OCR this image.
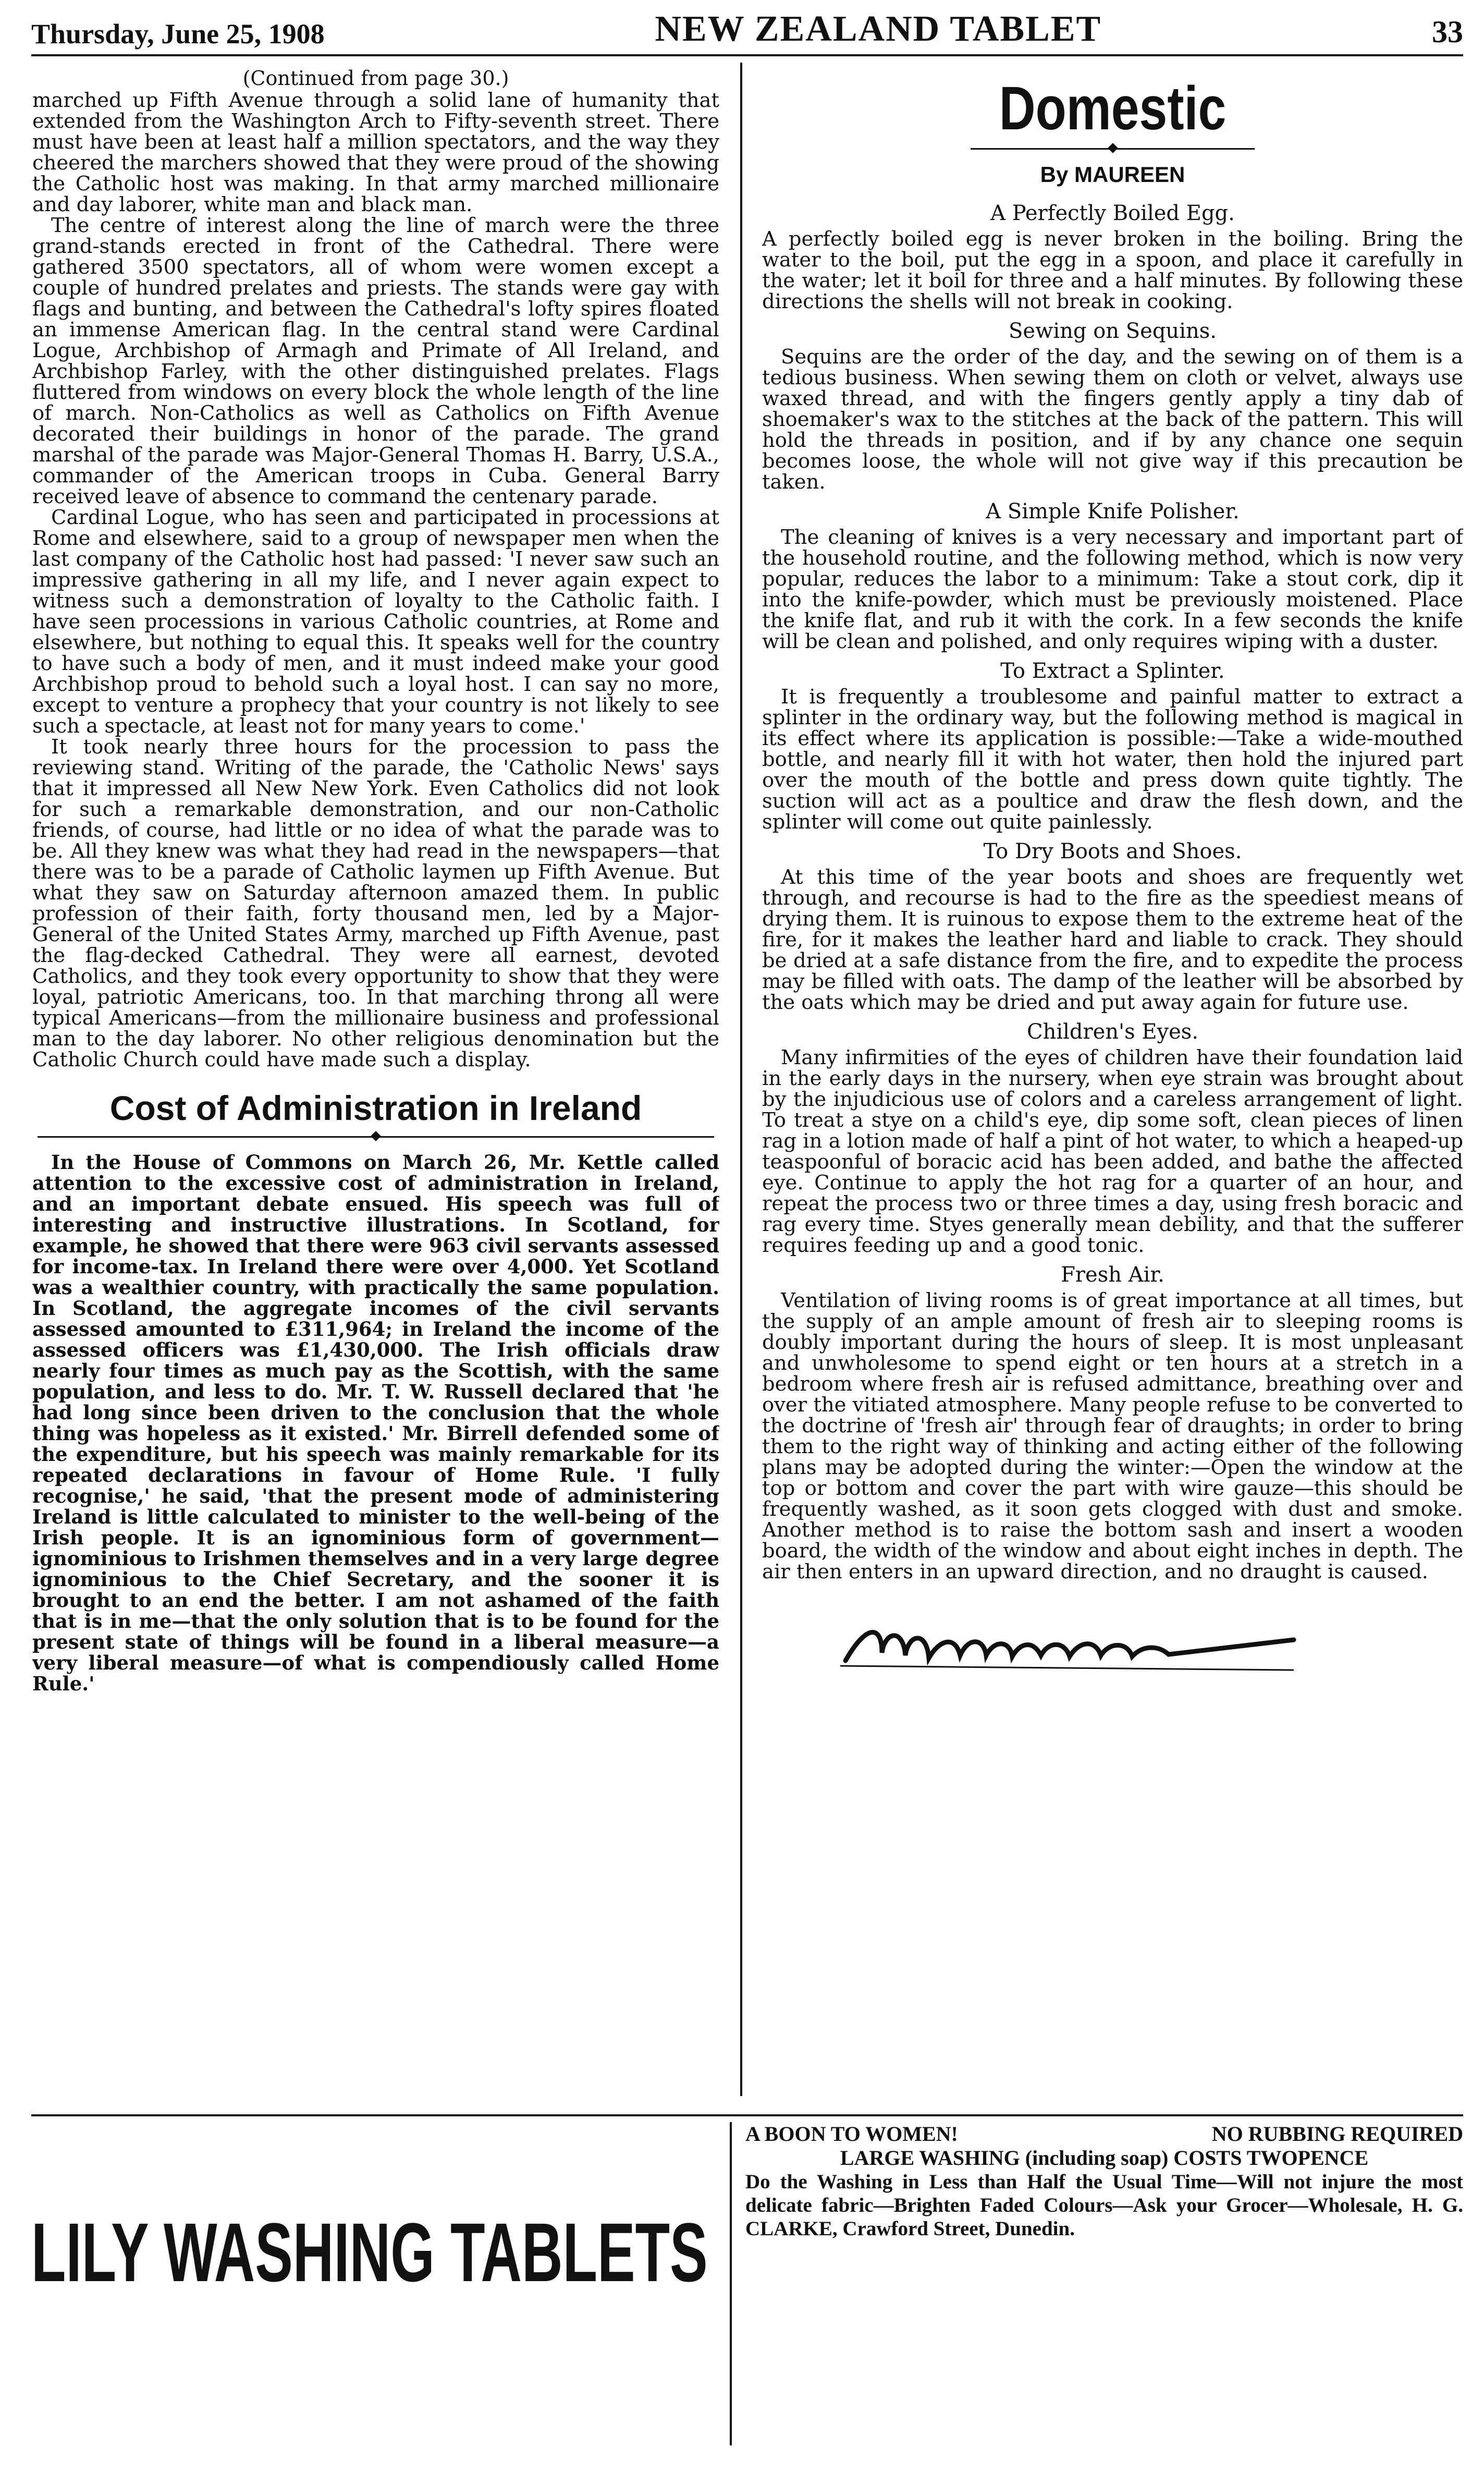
Thursday, June 25, 1908	NEW ZEALAND TABLET	33
(Continued from page 30.)

marched up Fifth Avenue through a solid lane of humanity that extended from the Washington Arch to Fifty-seventh street. There must have been at least half a million spectators, and the way they cheered the marchers showed that they were proud of the showing the Catholic host was making. In that army marched millionaire and day laborer, white man and black man.

The centre of interest along the line of march were the three grand-stands erected in front of the Cathedral. There were gathered 3500 spectators, all of whom were women except a couple of hundred prelates and priests. The stands were gay with flags and bunting, and between the Cathedral's lofty spires floated an immense American flag. In the central stand were Cardinal Logue, Archbishop of Armagh and Primate of All Ireland, and Archbishop Farley, with the other distinguished prelates. Flags fluttered from windows on every block the whole length of the line of march. Non-Catholics as well as Catholics on Fifth Avenue decorated their buildings in honor of the parade. The grand marshal of the parade was Major-General Thomas H. Barry, U.S.A., commander of the American troops in Cuba. General Barry received leave of absence to command the centenary parade.

Cardinal Logue, who has seen and participated in processions at Rome and elsewhere, said to a group of newspaper men when the last company of the Catholic host had passed: 'I never saw such an impressive gathering in all my life, and I never again expect to witness such a demonstration of loyalty to the Catholic faith. I have seen processions in various Catholic countries, at Rome and elsewhere, but nothing to equal this. It speaks well for the country to have such a body of men, and it must indeed make your good Archbishop proud to behold such a loyal host. I can say no more, except to venture a prophecy that your country is not likely to see such a spectacle, at least not for many years to come.'

It took nearly three hours for the procession to pass the reviewing stand. Writing of the parade, the 'Catholic News' says that it impressed all New New York. Even Catholics did not look for such a remarkable demonstration, and our non-Catholic friends, of course, had little or no idea of what the parade was to be. All they knew was what they had read in the newspapers—that there was to be a parade of Catholic laymen up Fifth Avenue. But what they saw on Saturday afternoon amazed them. In public profession of their faith, forty thousand men, led by a Major-General of the United States Army, marched up Fifth Avenue, past the flag-decked Cathedral. They were all earnest, devoted Catholics, and they took every opportunity to show that they were loyal, patriotic Americans, too. In that marching throng all were typical Americans—from the millionaire business and professional man to the day laborer. No other religious denomination but the Catholic Church could have made such a display.

Cost of Administration in Ireland

In the House of Commons on March 26, Mr. Kettle called attention to the excessive cost of administration in Ireland, and an important debate ensued. His speech was full of interesting and instructive illustrations. In Scotland, for example, he showed that there were 963 civil servants assessed for income-tax. In Ireland there were over 4,000. Yet Scotland was a wealthier country, with practically the same population. In Scotland, the aggregate incomes of the civil servants assessed amounted to £311,964; in Ireland the income of the assessed officers was £1,430,000. The Irish officials draw nearly four times as much pay as the Scottish, with the same population, and less to do. Mr. T. W. Russell declared that 'he had long since been driven to the conclusion that the whole thing was hopeless as it existed.' Mr. Birrell defended some of the expenditure, but his speech was mainly remarkable for its repeated declarations in favour of Home Rule. 'I fully recognise,' he said, 'that the present mode of administering Ireland is little calculated to minister to the well-being of the Irish people. It is an ignominious form of government—ignominious to Irishmen themselves and in a very large degree ignominious to the Chief Secretary, and the sooner it is brought to an end the better. I am not ashamed of the faith that is in me—that the only solution that is to be found for the present state of things will be found in a liberal measure—a very liberal measure—of what is compendiously called Home Rule.'

Domestic
By MAUREEN
A Perfectly Boiled Egg.

A perfectly boiled egg is never broken in the boiling. Bring the water to the boil, put the egg in a spoon, and place it carefully in the water; let it boil for three and a half minutes. By following these directions the shells will not break in cooking.

Sewing on Sequins.

Sequins are the order of the day, and the sewing on of them is a tedious business. When sewing them on cloth or velvet, always use waxed thread, and with the fingers gently apply a tiny dab of shoemaker's wax to the stitches at the back of the pattern. This will hold the threads in position, and if by any chance one sequin becomes loose, the whole will not give way if this precaution be taken.

A Simple Knife Polisher.

The cleaning of knives is a very necessary and important part of the household routine, and the following method, which is now very popular, reduces the labor to a minimum: Take a stout cork, dip it into the knife-powder, which must be previously moistened. Place the knife flat, and rub it with the cork. In a few seconds the knife will be clean and polished, and only requires wiping with a duster.

To Extract a Splinter.

It is frequently a troublesome and painful matter to extract a splinter in the ordinary way, but the following method is magical in its effect where its application is possible:—Take a wide-mouthed bottle, and nearly fill it with hot water, then hold the injured part over the mouth of the bottle and press down quite tightly. The suction will act as a poultice and draw the flesh down, and the splinter will come out quite painlessly.

To Dry Boots and Shoes.

At this time of the year boots and shoes are frequently wet through, and recourse is had to the fire as the speediest means of drying them. It is ruinous to expose them to the extreme heat of the fire, for it makes the leather hard and liable to crack. They should be dried at a safe distance from the fire, and to expedite the process may be filled with oats. The damp of the leather will be absorbed by the oats which may be dried and put away again for future use.

Children's Eyes.

Many infirmities of the eyes of children have their foundation laid in the early days in the nursery, when eye strain was brought about by the injudicious use of colors and a careless arrangement of light. To treat a stye on a child's eye, dip some soft, clean pieces of linen rag in a lotion made of half a pint of hot water, to which a heaped-up teaspoonful of boracic acid has been added, and bathe the affected eye. Continue to apply the hot rag for a quarter of an hour, and repeat the process two or three times a day, using fresh boracic and rag every time. Styes generally mean debility, and that the sufferer requires feeding up and a good tonic.

Fresh Air.

Ventilation of living rooms is of great importance at all times, but the supply of an ample amount of fresh air to sleeping rooms is doubly important during the hours of sleep. It is most unpleasant and unwholesome to spend eight or ten hours at a stretch in a bedroom where fresh air is refused admittance, breathing over and over the vitiated atmosphere. Many people refuse to be converted to the doctrine of 'fresh air' through fear of draughts; in order to bring them to the right way of thinking and acting either of the following plans may be adopted during the winter:—Open the window at the top or bottom and cover the part with wire gauze—this should be frequently washed, as it soon gets clogged with dust and smoke. Another method is to raise the bottom sash and insert a wooden board, the width of the window and about eight inches in depth. The air then enters in an upward direction, and no draught is caused.

LILY WASHING TABLETS
A BOON TO WOMEN!	NO RUBBING REQUIRED
LARGE WASHING (including soap) COSTS TWOPENCE
Do the Washing in Less than Half the Usual Time—Will not injure the most delicate fabric—Brighten Faded Colours—Ask your Grocer—Wholesale, H. G. CLARKE, Crawford Street, Dunedin.
